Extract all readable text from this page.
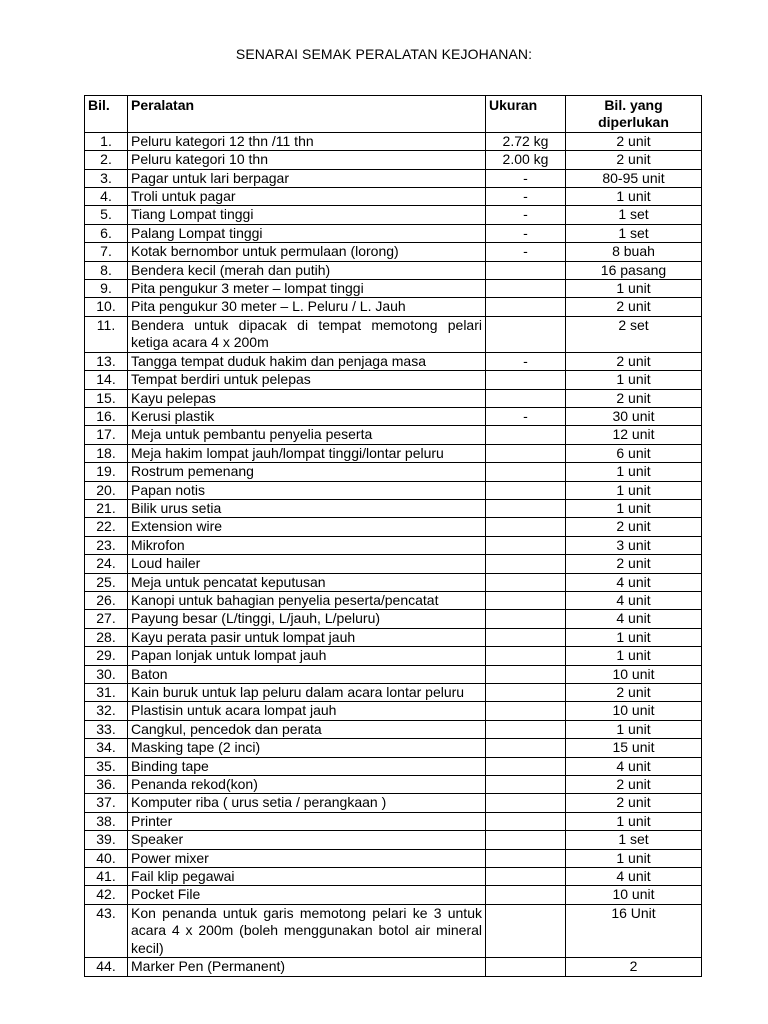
SENARAI SEMAK PERALATAN KEJOHANAN:
Bil.	Peralatan	Ukuran	Bil. yang diperlukan
1.	Peluru kategori 12 thn /11 thn	2.72 kg	2 unit
2.	Peluru kategori 10 thn	2.00 kg	2 unit
3.	Pagar untuk lari berpagar	-	80-95 unit
4.	Troli untuk pagar	-	1 unit
5.	Tiang Lompat tinggi	-	1 set
6.	Palang Lompat tinggi	-	1 set
7.	Kotak bernombor untuk permulaan (lorong)	-	8 buah
8.	Bendera kecil (merah dan putih)		16 pasang
9.	Pita pengukur 3 meter – lompat tinggi		1 unit
10.	Pita pengukur 30 meter – L. Peluru / L. Jauh		2 unit
11.	Bendera untuk dipacak di tempat memotong pelari ketiga acara 4 x 200m		2 set
13.	Tangga tempat duduk hakim dan penjaga masa	-	2 unit
14.	Tempat berdiri untuk pelepas		1 unit
15.	Kayu pelepas		2 unit
16.	Kerusi plastik	-	30 unit
17.	Meja untuk pembantu penyelia peserta		12 unit
18.	Meja hakim lompat jauh/lompat tinggi/lontar peluru		6 unit
19.	Rostrum pemenang		1 unit
20.	Papan notis		1 unit
21.	Bilik urus setia		1 unit
22.	Extension wire		2 unit
23.	Mikrofon		3 unit
24.	Loud hailer		2 unit
25.	Meja untuk pencatat keputusan		4 unit
26.	Kanopi untuk bahagian penyelia peserta/pencatat		4 unit
27.	Payung besar (L/tinggi, L/jauh, L/peluru)		4 unit
28.	Kayu perata pasir untuk lompat jauh		1 unit
29.	Papan lonjak untuk lompat jauh		1 unit
30.	Baton		10 unit
31.	Kain buruk untuk lap peluru dalam acara lontar peluru		2 unit
32.	Plastisin untuk acara lompat jauh		10 unit
33.	Cangkul, pencedok dan perata		1 unit
34.	Masking tape (2 inci)		15 unit
35.	Binding tape		4 unit
36.	Penanda rekod(kon)		2 unit
37.	Komputer riba ( urus setia / perangkaan )		2 unit
38.	Printer		1 unit
39.	Speaker		1 set
40.	Power mixer		1 unit
41.	Fail klip pegawai		4 unit
42.	Pocket File		10 unit
43.	Kon penanda untuk garis memotong pelari ke 3 untuk acara 4 x 200m (boleh menggunakan botol air mineral kecil)		16 Unit
44.	Marker Pen (Permanent)		2
